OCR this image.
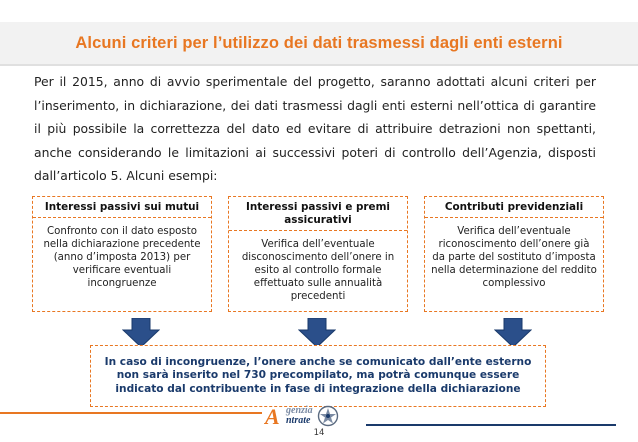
Alcuni criteri per l’utilizzo dei dati trasmessi dagli enti esterni

Per il 2015, anno di avvio sperimentale del progetto, saranno adottati alcuni criteri per l’inserimento, in dichiarazione, dei dati trasmessi dagli enti esterni nell’ottica di garantire il più possibile la correttezza del dato ed evitare di attribuire detrazioni non spettanti, anche considerando le limitazioni ai successivi poteri di controllo dell’Agenzia, disposti dall’articolo 5. Alcuni esempi:

Interessi passivi sui mutui
Confronto con il dato esposto nella dichiarazione precedente (anno d’imposta 2013) per verificare eventuali incongruenze
Interessi passivi e premi assicurativi
Verifica dell’eventuale disconoscimento dell’onere in esito al controllo formale effettuato sulle annualità precedenti
Contributi previdenziali
Verifica dell’eventuale riconoscimento dell’onere già da parte del sostituto d’imposta nella determinazione del reddito complessivo
In caso di incongruenze, l’onere anche se comunicato dall’ente esterno non sarà inserito nel 730 precompilato, ma potrà comunque essere indicato dal contribuente in fase di integrazione della dichiarazione
A genzia
ntrate
14
